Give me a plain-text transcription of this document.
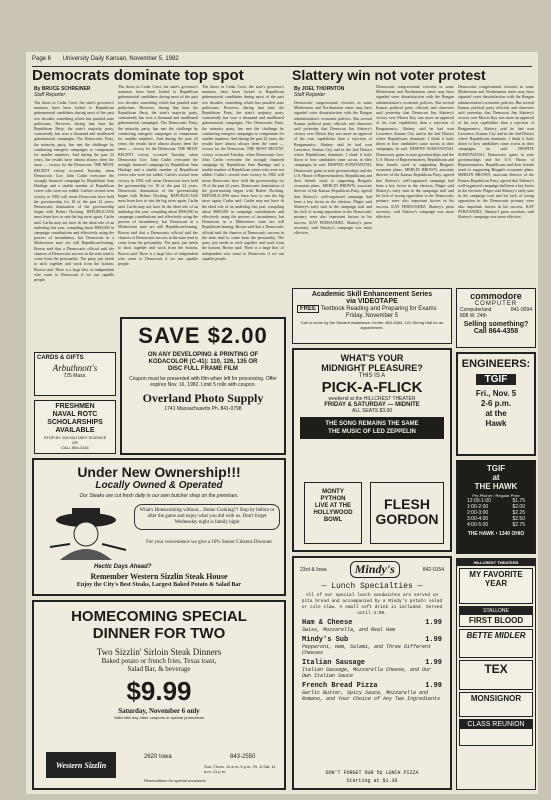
Page 6 University Daily Kansan, November 5, 1982
Democrats dominate top spot
By BRUCE SCHREINER
Staff Reporter
The doors in Cedar Crest, the state's governor's mansion, have been locked to Republican gubernatorial candidates during most of the past two decades, something which has puzzled state politicians. However, during that time the Republican Party, the state's majority party, consistently has won a thousand and maillioned gubernatorial campaigns. The Democratic Party, the minority party, has met the challenge by conducting energetic campaigns to compensate for smaller numbers. And during the past 22 years, the results have almost always been the same — victory for the Democrats. THE MOST RECENT victory occurred Tuesday, when Democratic Gov. John Carlin overcame the strongly financed campaign by Republican Sam Hardage and a sizable number of Republican voters who were not added. Carlin's second term victory in 1982 will mean Democrats have held the governorship for 18 of the past 22 years. Democratic domination of the governorship began with Robert Docking. REPUBLICANS must learn how to win the big races again, Carlin said. Carlin may not have fit the ideal role of an underdog this year, compiling about $900,000 in campaign contributions and effectively using the powers of incumbency, but Democrats in a Midwestern state are still Republican-leaning. Brown said that a Democratic official said the chances of Democratic success in the state tend to come from the personality. The party just needs to stick together and work from the bottom, Brown said. There is a large bloc of independent who come to Democrats if we run capable people.
The doors in Cedar Crest, the state's governor's mansion, have been locked to Republican gubernatorial candidates during most of the past two decades, something which has puzzled state politicians. However, during that time the Republican Party, the state's majority party, consistently has won a thousand and maillioned gubernatorial campaigns. The Democratic Party, the minority party, has met the challenge by conducting energetic campaigns to compensate for smaller numbers. And during the past 22 years, the results have almost always been the same — victory for the Democrats. THE MOST RECENT victory occurred Tuesday, when Democratic Gov. John Carlin overcame the strongly financed campaign by Republican Sam Hardage and a sizable number of Republican voters who were not added. Carlin's second term victory in 1982 will mean Democrats have held the governorship for 18 of the past 22 years. Democratic domination of the governorship began with Robert Docking. REPUBLICANS must learn how to win the big races again, Carlin said. Carlin may not have fit the ideal role of an underdog this year, compiling about $900,000 in campaign contributions and effectively using the powers of incumbency, but Democrats in a Midwestern state are still Republican-leaning. Brown said that a Democratic official said the chances of Democratic success in the state tend to come from the personality. The party just needs to stick together and work from the bottom, Brown said. There is a large bloc of independent who come to Democrats if we run capable people.
The doors in Cedar Crest, the state's governor's mansion, have been locked to Republican gubernatorial candidates during most of the past two decades, something which has puzzled state politicians. However, during that time the Republican Party, the state's majority party, consistently has won a thousand and maillioned gubernatorial campaigns. The Democratic Party, the minority party, has met the challenge by conducting energetic campaigns to compensate for smaller numbers. And during the past 22 years, the results have almost always been the same — victory for the Democrats. THE MOST RECENT victory occurred Tuesday, when Democratic Gov. John Carlin overcame the strongly financed campaign by Republican Sam Hardage and a sizable number of Republican voters who were not added. Carlin's second term victory in 1982 will mean Democrats have held the governorship for 18 of the past 22 years. Democratic domination of the governorship began with Robert Docking. REPUBLICANS must learn how to win the big races again, Carlin said. Carlin may not have fit the ideal role of an underdog this year, compiling about $900,000 in campaign contributions and effectively using the powers of incumbency, but Democrats in a Midwestern state are still Republican-leaning. Brown said that a Democratic official said the chances of Democratic success in the state tend to come from the personality. The party just needs to stick together and work from the bottom, Brown said. There is a large bloc of independent who come to Democrats if we run capable people.
CARDS & GIFTS
Arbuthnott's
725 Mass.
FRESHMEN
NAVAL ROTC
SCHOLARSHIPS
AVAILABLE
STOP BY 115 MILITARY SCIENCE
OR
CALL 864-3161
SAVE $2.00
ON ANY DEVELOPING & PRINTING OF
KODACOLOR (C-41): 110, 126, 135 OR
DISC FULL FRAME FILM
Coupon must be presented with film when left for processing. Offer expires Nov. 16, 1982. Limit 5 rolls with coupon.
Overland Photo Supply
1741 Massachusetts Ph. 841-0798
Under New Ownership!!!
Locally Owned & Operated
Our Steaks are cut fresh daily in our own butcher shop on the premises.
What's Homecoming without... Home Cooking?? Stop by before or after the game and enjoy what you did with us. Don't forget Wednesday night is family night
For your convenience we give a 10% Senior Citizens Discount
Hectic Days Ahead?
Remember Western Sizzlin Steak House
Enjoy the City's Best Steaks, Largest Baked Potato & Salad Bar
HOMECOMING SPECIAL
DINNER FOR TWO
Two Sizzlin' Sirloin Steak Dinners
Baked potato or french fries, Texas toast,
Salad Bar, & beverage
$9.99
Saturday, November 6 only
Valid with any other coupons or special promotions
Western Sizzlin
2620 Iowa	843-2550
Sun.-Thurs. 11 a.m.-9 p.m. Fri. & Sat. 11 a.m.-11 p.m.
Reservations for special occasions
Slattery win not voter protest
By JOEL THORNTON
Staff Reporter
Democratic congressional victories in some Midwestern and Northeastern states may have signaled voter dissatisfaction with the Reagan administration's economic policies. But several Kansas political party officials and observers said yesterday that Democrat Jim Slattery's victory over Morris Kay was more an approval of his own capabilities than a rejection of Reaganomics. Slattery said he had won Lawrence, Kansas City and in the 2nd District where Republicans dominate. I think it boils down to how candidates came across in their campaigns, he said. DESPITE SUBSTANTIAL Democratic gains in state governorships and the U.S. House of Representatives, Republicans and their friends stuck to supporting Reagan's economic plans. MERLIN BROWN, associate director of the Kansas Republican Party, agreed that Slattery's well-organized campaign had been a key factor in the election. Plager said Slattery's early start in the campaign trail and his lack of strong opposition in the Democratic primary were also important factors in his success. KAY FERNANDEZ, Slattery's press secretary, said Slattery's campaign was more effective.
Democratic congressional victories in some Midwestern and Northeastern states may have signaled voter dissatisfaction with the Reagan administration's economic policies. But several Kansas political party officials and observers said yesterday that Democrat Jim Slattery's victory over Morris Kay was more an approval of his own capabilities than a rejection of Reaganomics. Slattery said he had won Lawrence, Kansas City and in the 2nd District where Republicans dominate. I think it boils down to how candidates came across in their campaigns, he said. DESPITE SUBSTANTIAL Democratic gains in state governorships and the U.S. House of Representatives, Republicans and their friends stuck to supporting Reagan's economic plans. MERLIN BROWN, associate director of the Kansas Republican Party, agreed that Slattery's well-organized campaign had been a key factor in the election. Plager said Slattery's early start in the campaign trail and his lack of strong opposition in the Democratic primary were also important factors in his success. KAY FERNANDEZ, Slattery's press secretary, said Slattery's campaign was more effective.
Democratic congressional victories in some Midwestern and Northeastern states may have signaled voter dissatisfaction with the Reagan administration's economic policies. But several Kansas political party officials and observers said yesterday that Democrat Jim Slattery's victory over Morris Kay was more an approval of his own capabilities than a rejection of Reaganomics. Slattery said he had won Lawrence, Kansas City and in the 2nd District where Republicans dominate. I think it boils down to how candidates came across in their campaigns, he said. DESPITE SUBSTANTIAL Democratic gains in state governorships and the U.S. House of Representatives, Republicans and their friends stuck to supporting Reagan's economic plans. MERLIN BROWN, associate director of the Kansas Republican Party, agreed that Slattery's well-organized campaign had been a key factor in the election. Plager said Slattery's early start in the campaign trail and his lack of strong opposition in the Democratic primary were also important factors in his success. KAY FERNANDEZ, Slattery's press secretary, said Slattery's campaign was more effective.
Academic Skill Enhancement Series
via VIDEOTAPE
FREE Textbook Reading and Preparing for Exams
Friday, November 5
Call or come by the Student Assistance Center, 864-4064, 121 Strong Hall for an appointment.
commodore
COMPUTER
Computerland	841-0094
808 W. 24th
Selling something?
Call 864-4358
WHAT'S YOUR
MIDNIGHT PLEASURE?
THIS IS A
PICK-A-FLICK
weekend at the HILLCREST THEATER
FRIDAY & SATURDAY — MIDNITE
ALL SEATS $3.00
THE SONG REMAINS THE SAME
THE MUSIC OF LED ZEPPELIN
MONTY
PYTHON
LIVE AT THE
HOLLYWOOD
BOWL
FLESH GORDON
23rd & Iowa	Mindy's	842-0154
— Lunch Specialties —
All of our special lunch sandwiches are served on pita bread and accompanied by a Mindy's potato salad or cole slaw. A small soft drink is included. Served until 4:00.
Ham & Cheese	1.99
Swiss, Mozzarella, and Real Ham
Mindy's Sub	1.99
Pepperoni, Ham, Salami, and Three Different Cheeses
Italian Sausage	1.99
Italian Sausage, Mozzarella Cheese, and Our Own Italian Sauce
French Bread Pizza	1.99
Garlic Butter, Spicy Sauce, Mozzarella and Romano, and Your Choice of Any Two Ingredients
DON'T FORGET OUR 5¢ LUNCH PIZZA
Starting at $1.30
ENGINEERS:
TGIF
Fri., Nov. 5
2-6 p.m.
at the
Hawk
TGIF
at
THE HAWK
Pre-Pitcher / Regular Price
12:00-1:00	$1.75
1:00-2:00	$2.00
2:00-3:00	$2.25
3:00-4:00	$2.50
4:00-5:00	$2.75
THE HAWK • 1340 OHIO
HILLCREST THEATERS
MY FAVORITE YEAR
STALLONE
FIRST BLOOD
BETTE MIDLER
TEX
MONSIGNOR
CLASS REUNION
